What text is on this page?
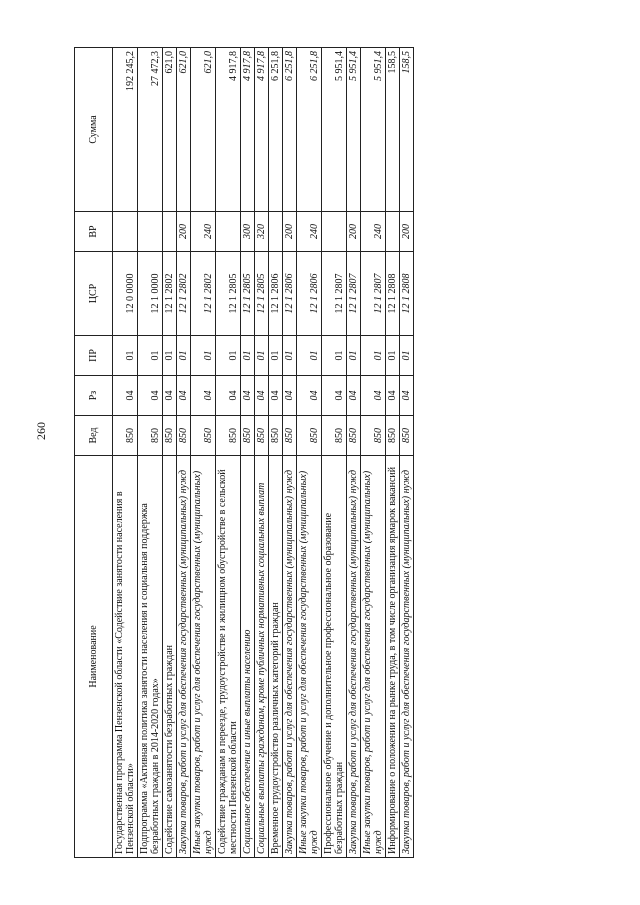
260
Наименование	Вед	Рз	ПР	ЦСР	ВР	Сумма
Государственная программа Пензенской области «Содействие занятости населения в Пензенской области»	850	04	01	12 0 0000		192 245,2
Подпрограмма «Активная политика занятости населения и социальная поддержка безработных граждан в 2014-2020 годах»	850	04	01	12 1 0000		27 472,3
Содействие самозанятости безработных граждан	850	04	01	12 1 2802		621,0
Закупка товаров, работ и услуг для обеспечения государственных (муниципальных) нужд	850	04	01	12 1 2802	200	621,0
Иные закупки товаров, работ и услуг для обеспечения государственных (муниципальных) нужд	850	04	01	12 1 2802	240	621,0
Содействие гражданам в переезде, трудоустройстве и жилищном обустройстве в сельской местности Пензенской области	850	04	01	12 1 2805		4 917,8
Социальное обеспечение и иные выплаты населению	850	04	01	12 1 2805	300	4 917,8
Социальные выплаты гражданам, кроме публичных нормативных социальных выплат	850	04	01	12 1 2805	320	4 917,8
Временное трудоустройство различных категорий граждан	850	04	01	12 1 2806		6 251,8
Закупка товаров, работ и услуг для обеспечения государственных (муниципальных) нужд	850	04	01	12 1 2806	200	6 251,8
Иные закупки товаров, работ и услуг для обеспечения государственных (муниципальных) нужд	850	04	01	12 1 2806	240	6 251,8
Профессиональное обучение и дополнительное профессиональное образование безработных граждан	850	04	01	12 1 2807		5 951,4
Закупка товаров, работ и услуг для обеспечения государственных (муниципальных) нужд	850	04	01	12 1 2807	200	5 951,4
Иные закупки товаров, работ и услуг для обеспечения государственных (муниципальных) нужд	850	04	01	12 1 2807	240	5 951,4
Информирование о положении на рынке труда, в том числе организация ярмарок вакансий	850	04	01	12 1 2808		158,5
Закупка товаров, работ и услуг для обеспечения государственных (муниципальных) нужд	850	04	01	12 1 2808	200	158,5
